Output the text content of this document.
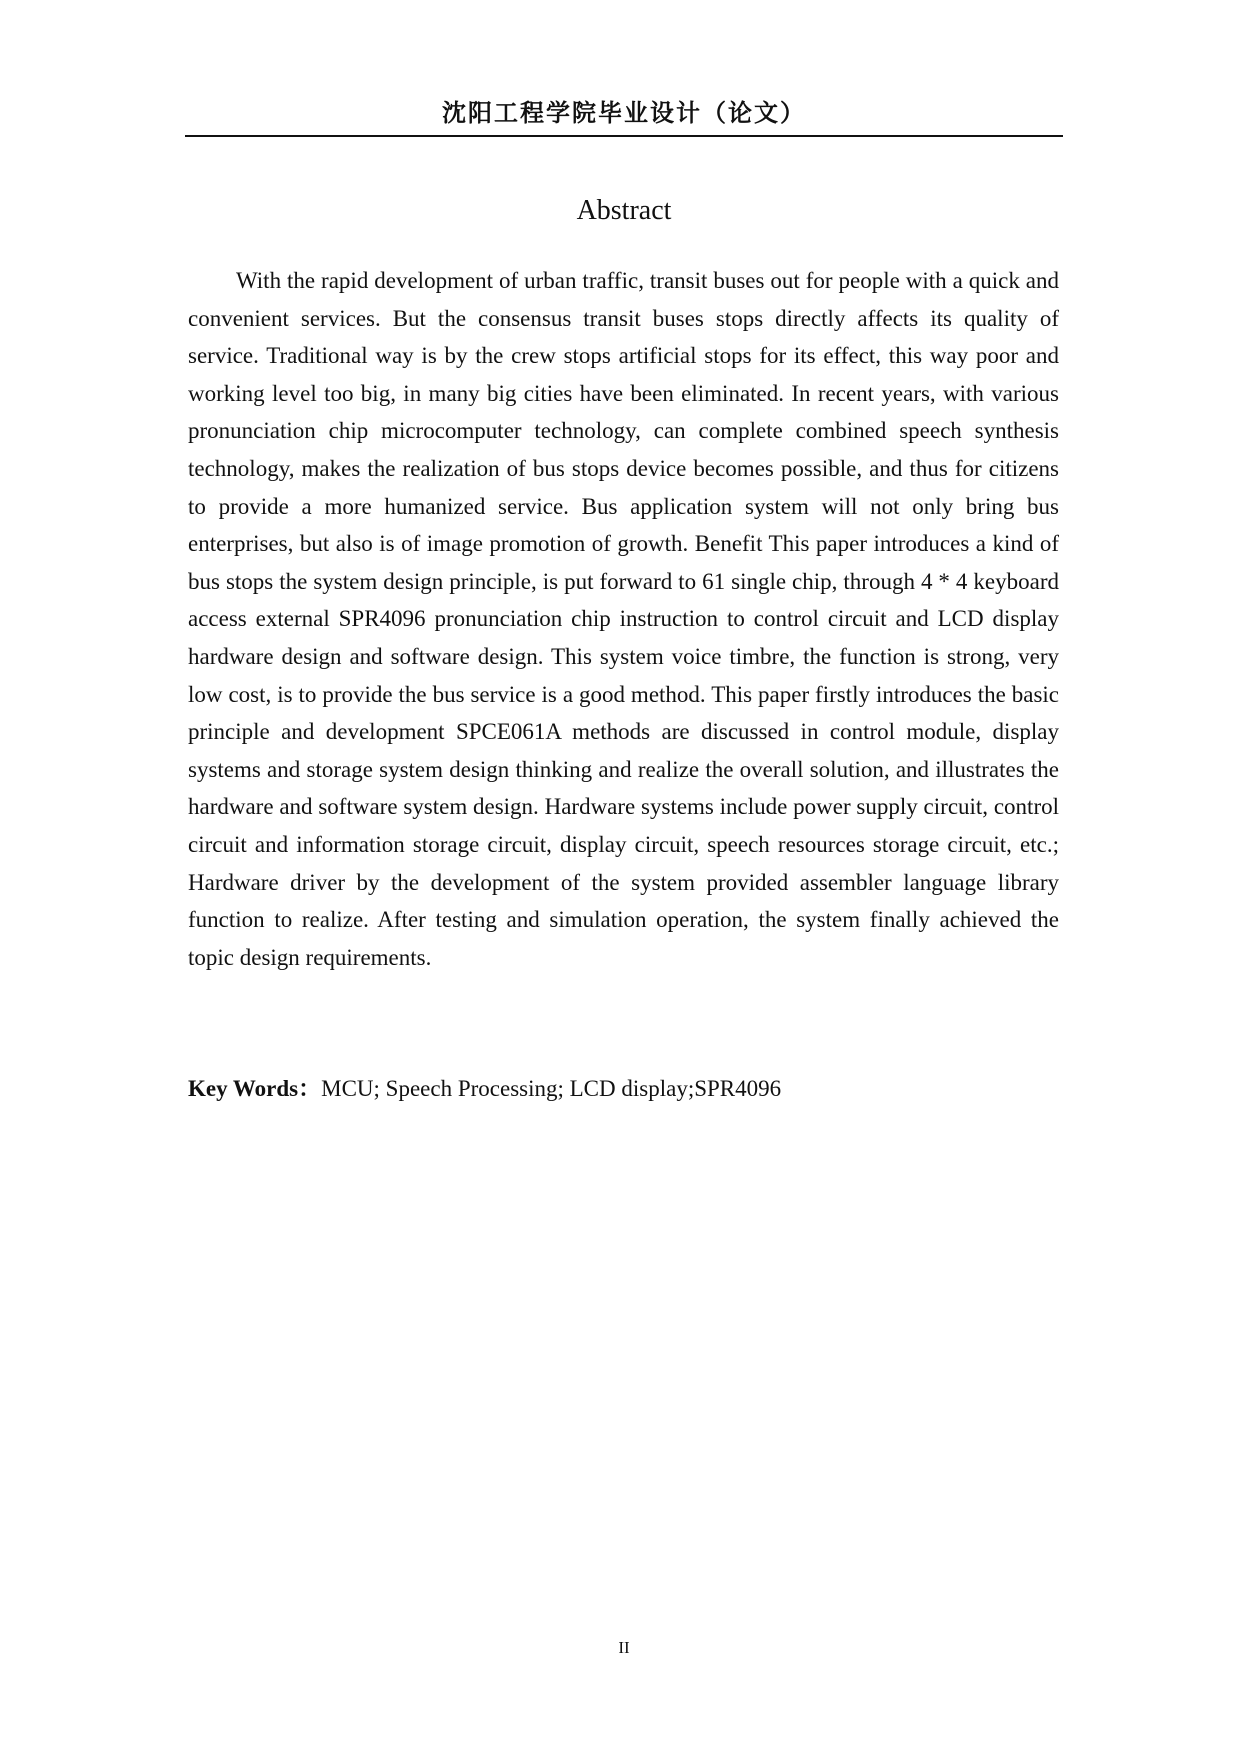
沈阳工程学院毕业设计（论文）
Abstract

With the rapid development of urban traffic, transit buses out for people with a quick and convenient services. But the consensus transit buses stops directly affects its quality of service. Traditional way is by the crew stops artificial stops for its effect, this way poor and working level too big, in many big cities have been eliminated. In recent years, with various pronunciation chip microcomputer technology, can complete combined speech synthesis technology, makes the realization of bus stops device becomes possible, and thus for citizens to provide a more humanized service. Bus application system will not only bring bus enterprises, but also is of image promotion of growth. Benefit This paper introduces a kind of bus stops the system design principle, is put forward to 61 single chip, through 4 * 4 keyboard access external SPR4096 pronunciation chip instruction to control circuit and LCD display hardware design and software design. This system voice timbre, the function is strong, very low cost, is to provide the bus service is a good method. This paper firstly introduces the basic principle and development SPCE061A methods are discussed in control module, display systems and storage system design thinking and realize the overall solution, and illustrates the hardware and software system design. Hardware systems include power supply circuit, control circuit and information storage circuit, display circuit, speech resources storage circuit, etc.; Hardware driver by the development of the system provided assembler language library function to realize. After testing and simulation operation, the system finally achieved the topic design requirements.

Key Words：MCU; Speech Processing; LCD display;SPR4096
II
